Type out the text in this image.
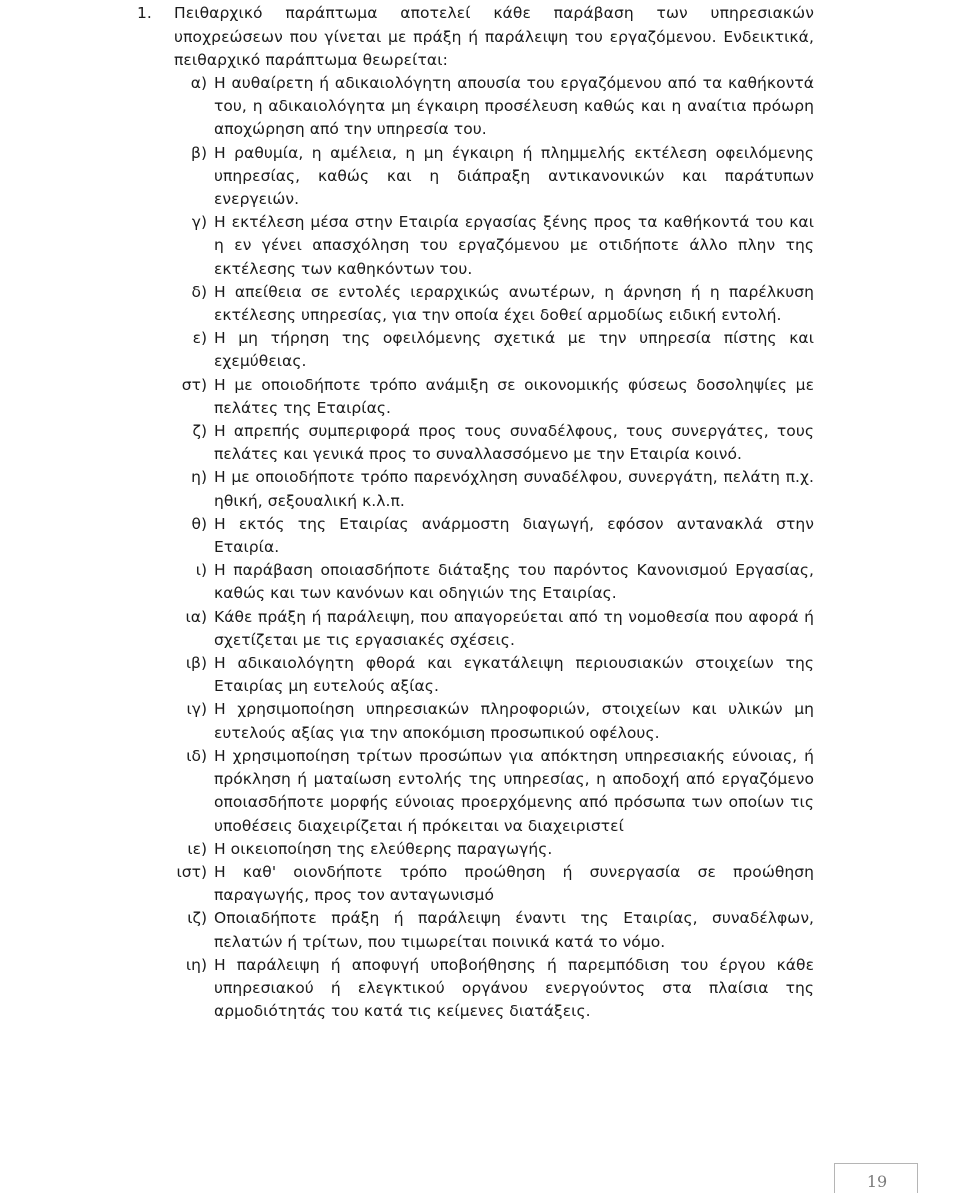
1. Πειθαρχικό παράπτωμα αποτελεί κάθε παράβαση των υπηρεσιακών υποχρεώσεων που γίνεται με πράξη ή παράλειψη του εργαζόμενου. Ενδεικτικά, πειθαρχικό παράπτωμα θεωρείται:
α) Η αυθαίρετη ή αδικαιολόγητη απουσία του εργαζόμενου από τα καθήκοντά του, η αδικαιολόγητα μη έγκαιρη προσέλευση καθώς και η αναίτια πρόωρη αποχώρηση από την υπηρεσία του.
β) Η ραθυμία, η αμέλεια, η μη έγκαιρη ή πλημμελής εκτέλεση οφειλόμενης υπηρεσίας, καθώς και η διάπραξη αντικανονικών και παράτυπων ενεργειών.
γ) Η εκτέλεση μέσα στην Εταιρία εργασίας ξένης προς τα καθήκοντά του και η εν γένει απασχόληση του εργαζόμενου με οτιδήποτε άλλο πλην της εκτέλεσης των καθηκόντων του.
δ) Η απείθεια σε εντολές ιεραρχικώς ανωτέρων, η άρνηση ή η παρέλκυση εκτέλεσης υπηρεσίας, για την οποία έχει δοθεί αρμοδίως ειδική εντολή.
ε) Η μη τήρηση της οφειλόμενης σχετικά με την υπηρεσία πίστης και εχεμύθειας.
στ) Η με οποιοδήποτε τρόπο ανάμιξη σε οικονομικής φύσεως δοσοληψίες με πελάτες της Εταιρίας.
ζ) Η απρεπής συμπεριφορά προς τους συναδέλφους, τους συνεργάτες, τους πελάτες και γενικά προς το συναλλασσόμενο με την Εταιρία κοινό.
η) Η με οποιοδήποτε τρόπο παρενόχληση συναδέλφου, συνεργάτη, πελάτη π.χ. ηθική, σεξουαλική κ.λ.π.
θ) Η εκτός της Εταιρίας ανάρμοστη διαγωγή, εφόσον αντανακλά στην Εταιρία.
ι) Η παράβαση οποιασδήποτε διάταξης του παρόντος Κανονισμού Εργασίας, καθώς και των κανόνων και οδηγιών της Εταιρίας.
ια) Κάθε πράξη ή παράλειψη, που απαγορεύεται από τη νομοθεσία που αφορά ή σχετίζεται με τις εργασιακές σχέσεις.
ιβ) Η αδικαιολόγητη φθορά και εγκατάλειψη περιουσιακών στοιχείων της Εταιρίας μη ευτελούς αξίας.
ιγ) Η χρησιμοποίηση υπηρεσιακών πληροφοριών, στοιχείων και υλικών μη ευτελούς αξίας για την αποκόμιση προσωπικού οφέλους.
ιδ) Η χρησιμοποίηση τρίτων προσώπων για απόκτηση υπηρεσιακής εύνοιας, ή πρόκληση ή ματαίωση εντολής της υπηρεσίας, η αποδοχή από εργαζόμενο οποιασδήποτε μορφής εύνοιας προερχόμενης από πρόσωπα των οποίων τις υποθέσεις διαχειρίζεται ή πρόκειται να διαχειριστεί
ιε) Η οικειοποίηση της ελεύθερης παραγωγής.
ιστ) Η καθ' οιονδήποτε τρόπο προώθηση ή συνεργασία σε προώθηση παραγωγής, προς τον ανταγωνισμό
ιζ) Οποιαδήποτε πράξη ή παράλειψη έναντι της Εταιρίας, συναδέλφων, πελατών ή τρίτων, που τιμωρείται ποινικά κατά το νόμο.
ιη) Η παράλειψη ή αποφυγή υποβοήθησης ή παρεμπόδιση του έργου κάθε υπηρεσιακού ή ελεγκτικού οργάνου ενεργούντος στα πλαίσια της αρμοδιότητάς του κατά τις κείμενες διατάξεις.
19
